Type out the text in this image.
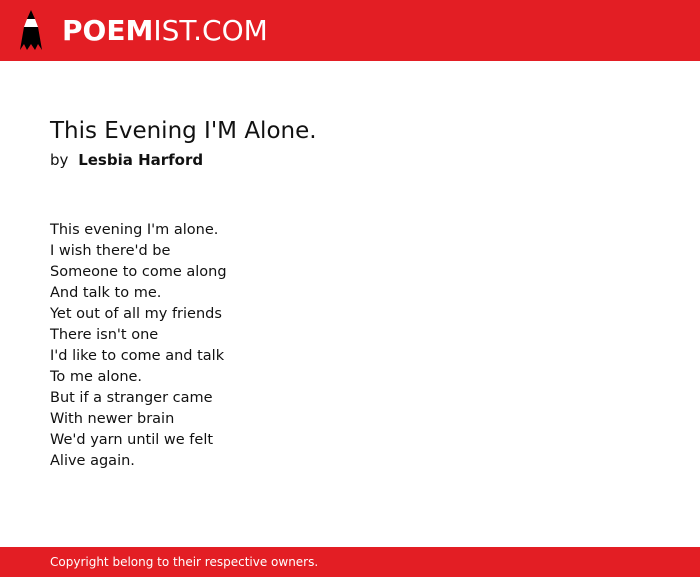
POEMIST.COM
This Evening I'M Alone.
by Lesbia Harford
This evening I'm alone.
I wish there'd be
Someone to come along
And talk to me.
Yet out of all my friends
There isn't one
I'd like to come and talk
To me alone.
But if a stranger came
With newer brain
We'd yarn until we felt
Alive again.
Copyright belong to their respective owners.
